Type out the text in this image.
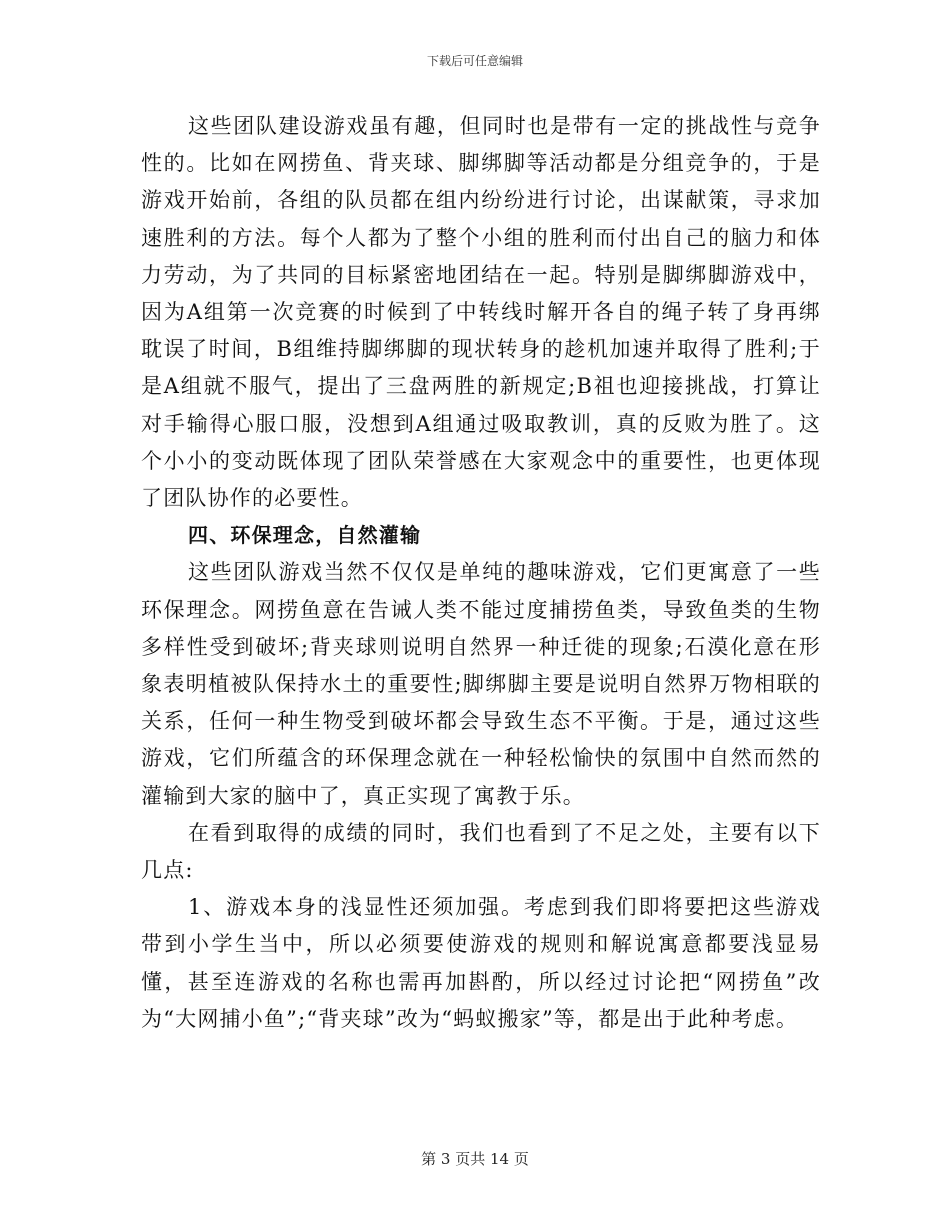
下载后可任意编辑

这些团队建设游戏虽有趣，但同时也是带有一定的挑战性与竞争性的。比如在网捞鱼、背夹球、脚绑脚等活动都是分组竞争的，于是游戏开始前，各组的队员都在组内纷纷进行讨论，出谋献策，寻求加速胜利的方法。每个人都为了整个小组的胜利而付出自己的脑力和体力劳动，为了共同的目标紧密地团结在一起。特别是脚绑脚游戏中，因为A组第一次竞赛的时候到了中转线时解开各自的绳子转了身再绑耽误了时间，B组维持脚绑脚的现状转身的趁机加速并取得了胜利;于是A组就不服气，提出了三盘两胜的新规定;B祖也迎接挑战，打算让对手输得心服口服，没想到A组通过吸取教训，真的反败为胜了。这个小小的变动既体现了团队荣誉感在大家观念中的重要性，也更体现了团队协作的必要性。

四、环保理念，自然灌输

这些团队游戏当然不仅仅是单纯的趣味游戏，它们更寓意了一些环保理念。网捞鱼意在告诫人类不能过度捕捞鱼类，导致鱼类的生物多样性受到破坏;背夹球则说明自然界一种迁徙的现象;石漠化意在形象表明植被队保持水土的重要性;脚绑脚主要是说明自然界万物相联的关系，任何一种生物受到破坏都会导致生态不平衡。于是，通过这些游戏，它们所蕴含的环保理念就在一种轻松愉快的氛围中自然而然的灌输到大家的脑中了，真正实现了寓教于乐。

在看到取得的成绩的同时，我们也看到了不足之处，主要有以下几点:

1、游戏本身的浅显性还须加强。考虑到我们即将要把这些游戏带到小学生当中，所以必须要使游戏的规则和解说寓意都要浅显易懂，甚至连游戏的名称也需再加斟酌，所以经过讨论把“网捞鱼”改为“大网捕小鱼”;“背夹球”改为“蚂蚁搬家”等，都是出于此种考虑。

第 3 页共 14 页
